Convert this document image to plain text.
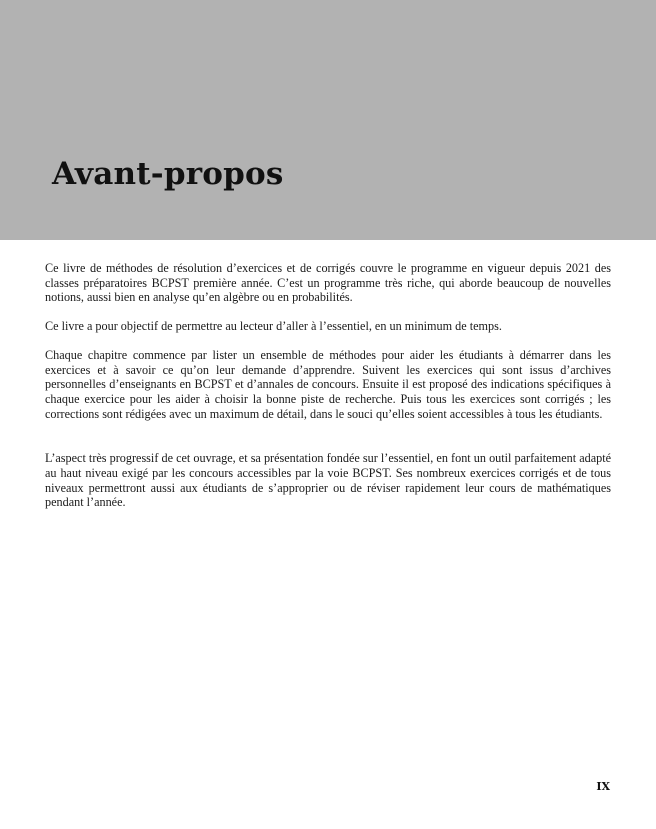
Avant-propos

Ce livre de méthodes de résolution d’exercices et de corrigés couvre le programme en vigueur depuis 2021 des classes préparatoires BCPST première année. C’est un programme très riche, qui aborde beaucoup de nouvelles notions, aussi bien en analyse qu’en algèbre ou en probabilités.

Ce livre a pour objectif de permettre au lecteur d’aller à l’essentiel, en un minimum de temps.

Chaque chapitre commence par lister un ensemble de méthodes pour aider les étudiants à démarrer dans les exercices et à savoir ce qu’on leur demande d’apprendre. Suivent les exercices qui sont issus d’archives personnelles d’enseignants en BCPST et d’annales de concours. Ensuite il est proposé des indications spécifiques à chaque exercice pour les aider à choisir la bonne piste de recherche. Puis tous les exercices sont corrigés ; les corrections sont rédigées avec un maximum de détail, dans le souci qu’elles soient accessibles à tous les étudiants.

L’aspect très progressif de cet ouvrage, et sa présentation fondée sur l’essentiel, en font un outil parfaitement adapté au haut niveau exigé par les concours accessibles par la voie BCPST. Ses nombreux exercices corrigés et de tous niveaux permettront aussi aux étudiants de s’approprier ou de réviser rapidement leur cours de mathématiques pendant l’année.

IX
